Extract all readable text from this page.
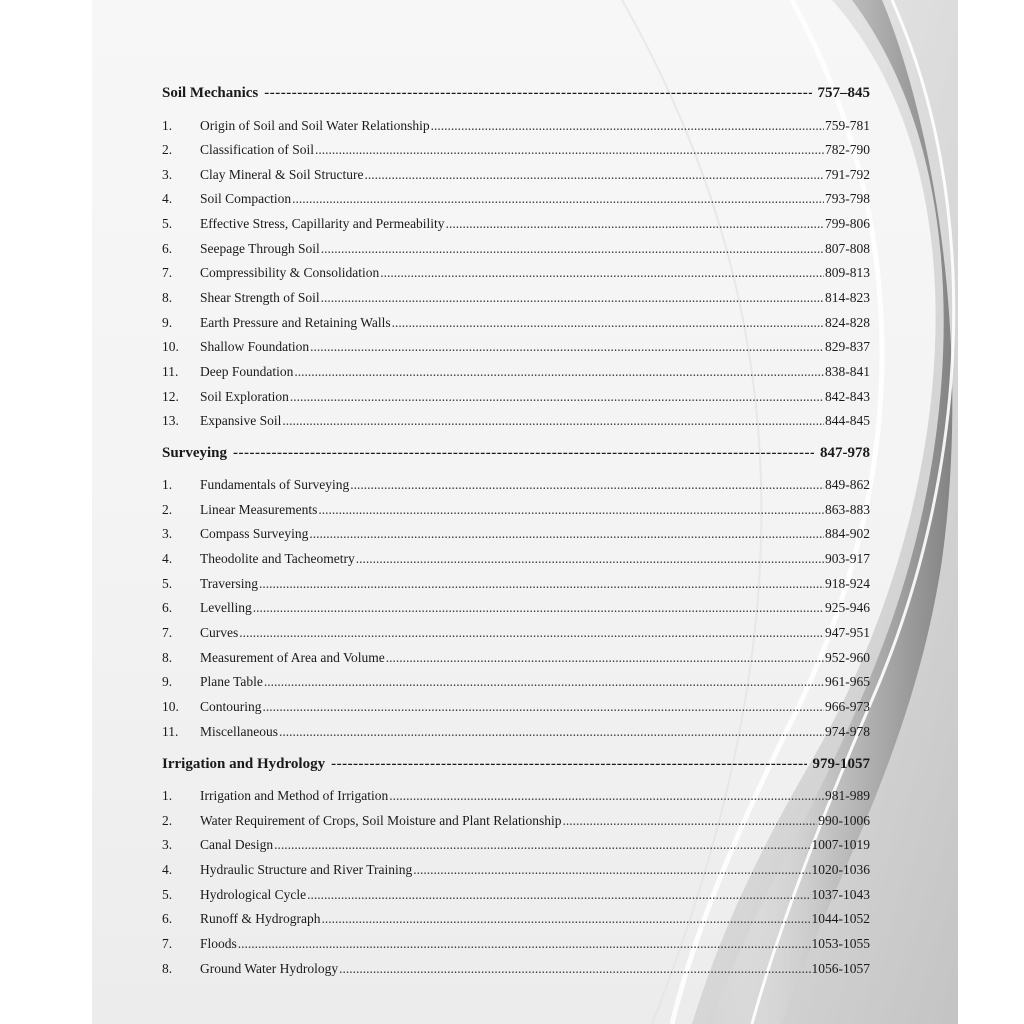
Soil Mechanics -----	757–845
1.	Origin of Soil and Soil Water Relationship .....	759-781
2.	Classification of Soil .....	782-790
3.	Clay Mineral & Soil Structure .....	791-792
4.	Soil Compaction .....	793-798
5.	Effective Stress, Capillarity and Permeability .....	799-806
6.	Seepage Through Soil .....	807-808
7.	Compressibility & Consolidation .....	809-813
8.	Shear Strength of Soil .....	814-823
9.	Earth Pressure and Retaining Walls .....	824-828
10.	Shallow Foundation .....	829-837
11.	Deep Foundation .....	838-841
12.	Soil Exploration .....	842-843
13.	Expansive Soil .....	844-845
Surveying -----	847-978
1.	Fundamentals of Surveying .....	849-862
2.	Linear Measurements .....	863-883
3.	Compass Surveying .....	884-902
4.	Theodolite and Tacheometry .....	903-917
5.	Traversing .....	918-924
6.	Levelling .....	925-946
7.	Curves .....	947-951
8.	Measurement of Area and Volume .....	952-960
9.	Plane Table .....	961-965
10.	Contouring .....	966-973
11.	Miscellaneous .....	974-978
Irrigation and Hydrology -----	979-1057
1.	Irrigation and Method of Irrigation .....	981-989
2.	Water Requirement of Crops, Soil Moisture and Plant Relationship .....	990-1006
3.	Canal Design .....	1007-1019
4.	Hydraulic Structure and River Training .....	1020-1036
5.	Hydrological Cycle .....	1037-1043
6.	Runoff & Hydrograph .....	1044-1052
7.	Floods .....	1053-1055
8.	Ground Water Hydrology .....	1056-1057
